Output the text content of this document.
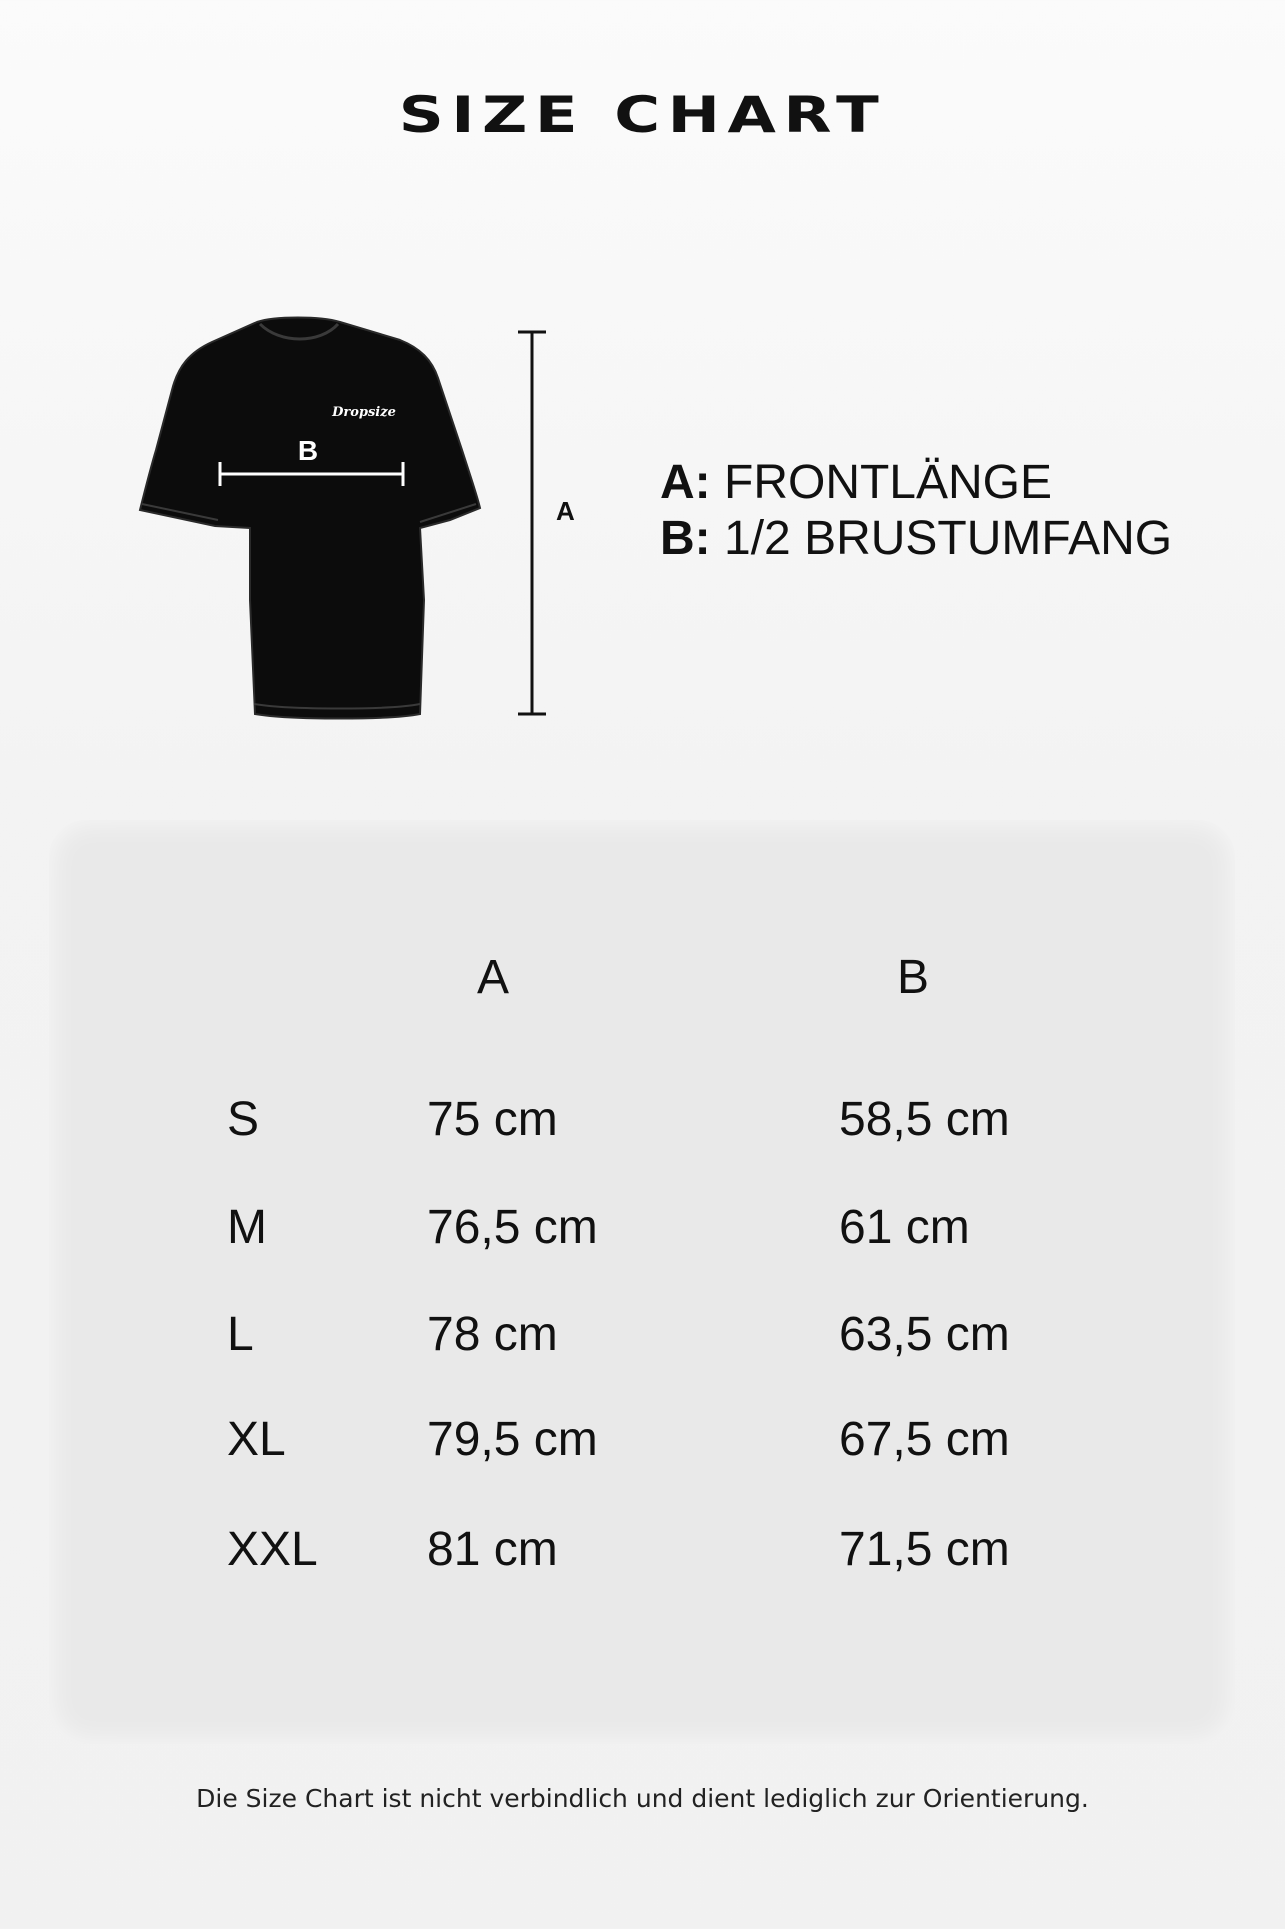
SIZE CHART
B
Dropsize
A
A: FRONTLÄNGE
B: 1/2 BRUSTUMFANG
A	B
S	75 cm	58,5 cm
M	76,5 cm	61 cm
L	78 cm	63,5 cm
XL	79,5 cm	67,5 cm
XXL 81 cm	71,5 cm
Die Size Chart ist nicht verbindlich und dient lediglich zur Orientierung.
